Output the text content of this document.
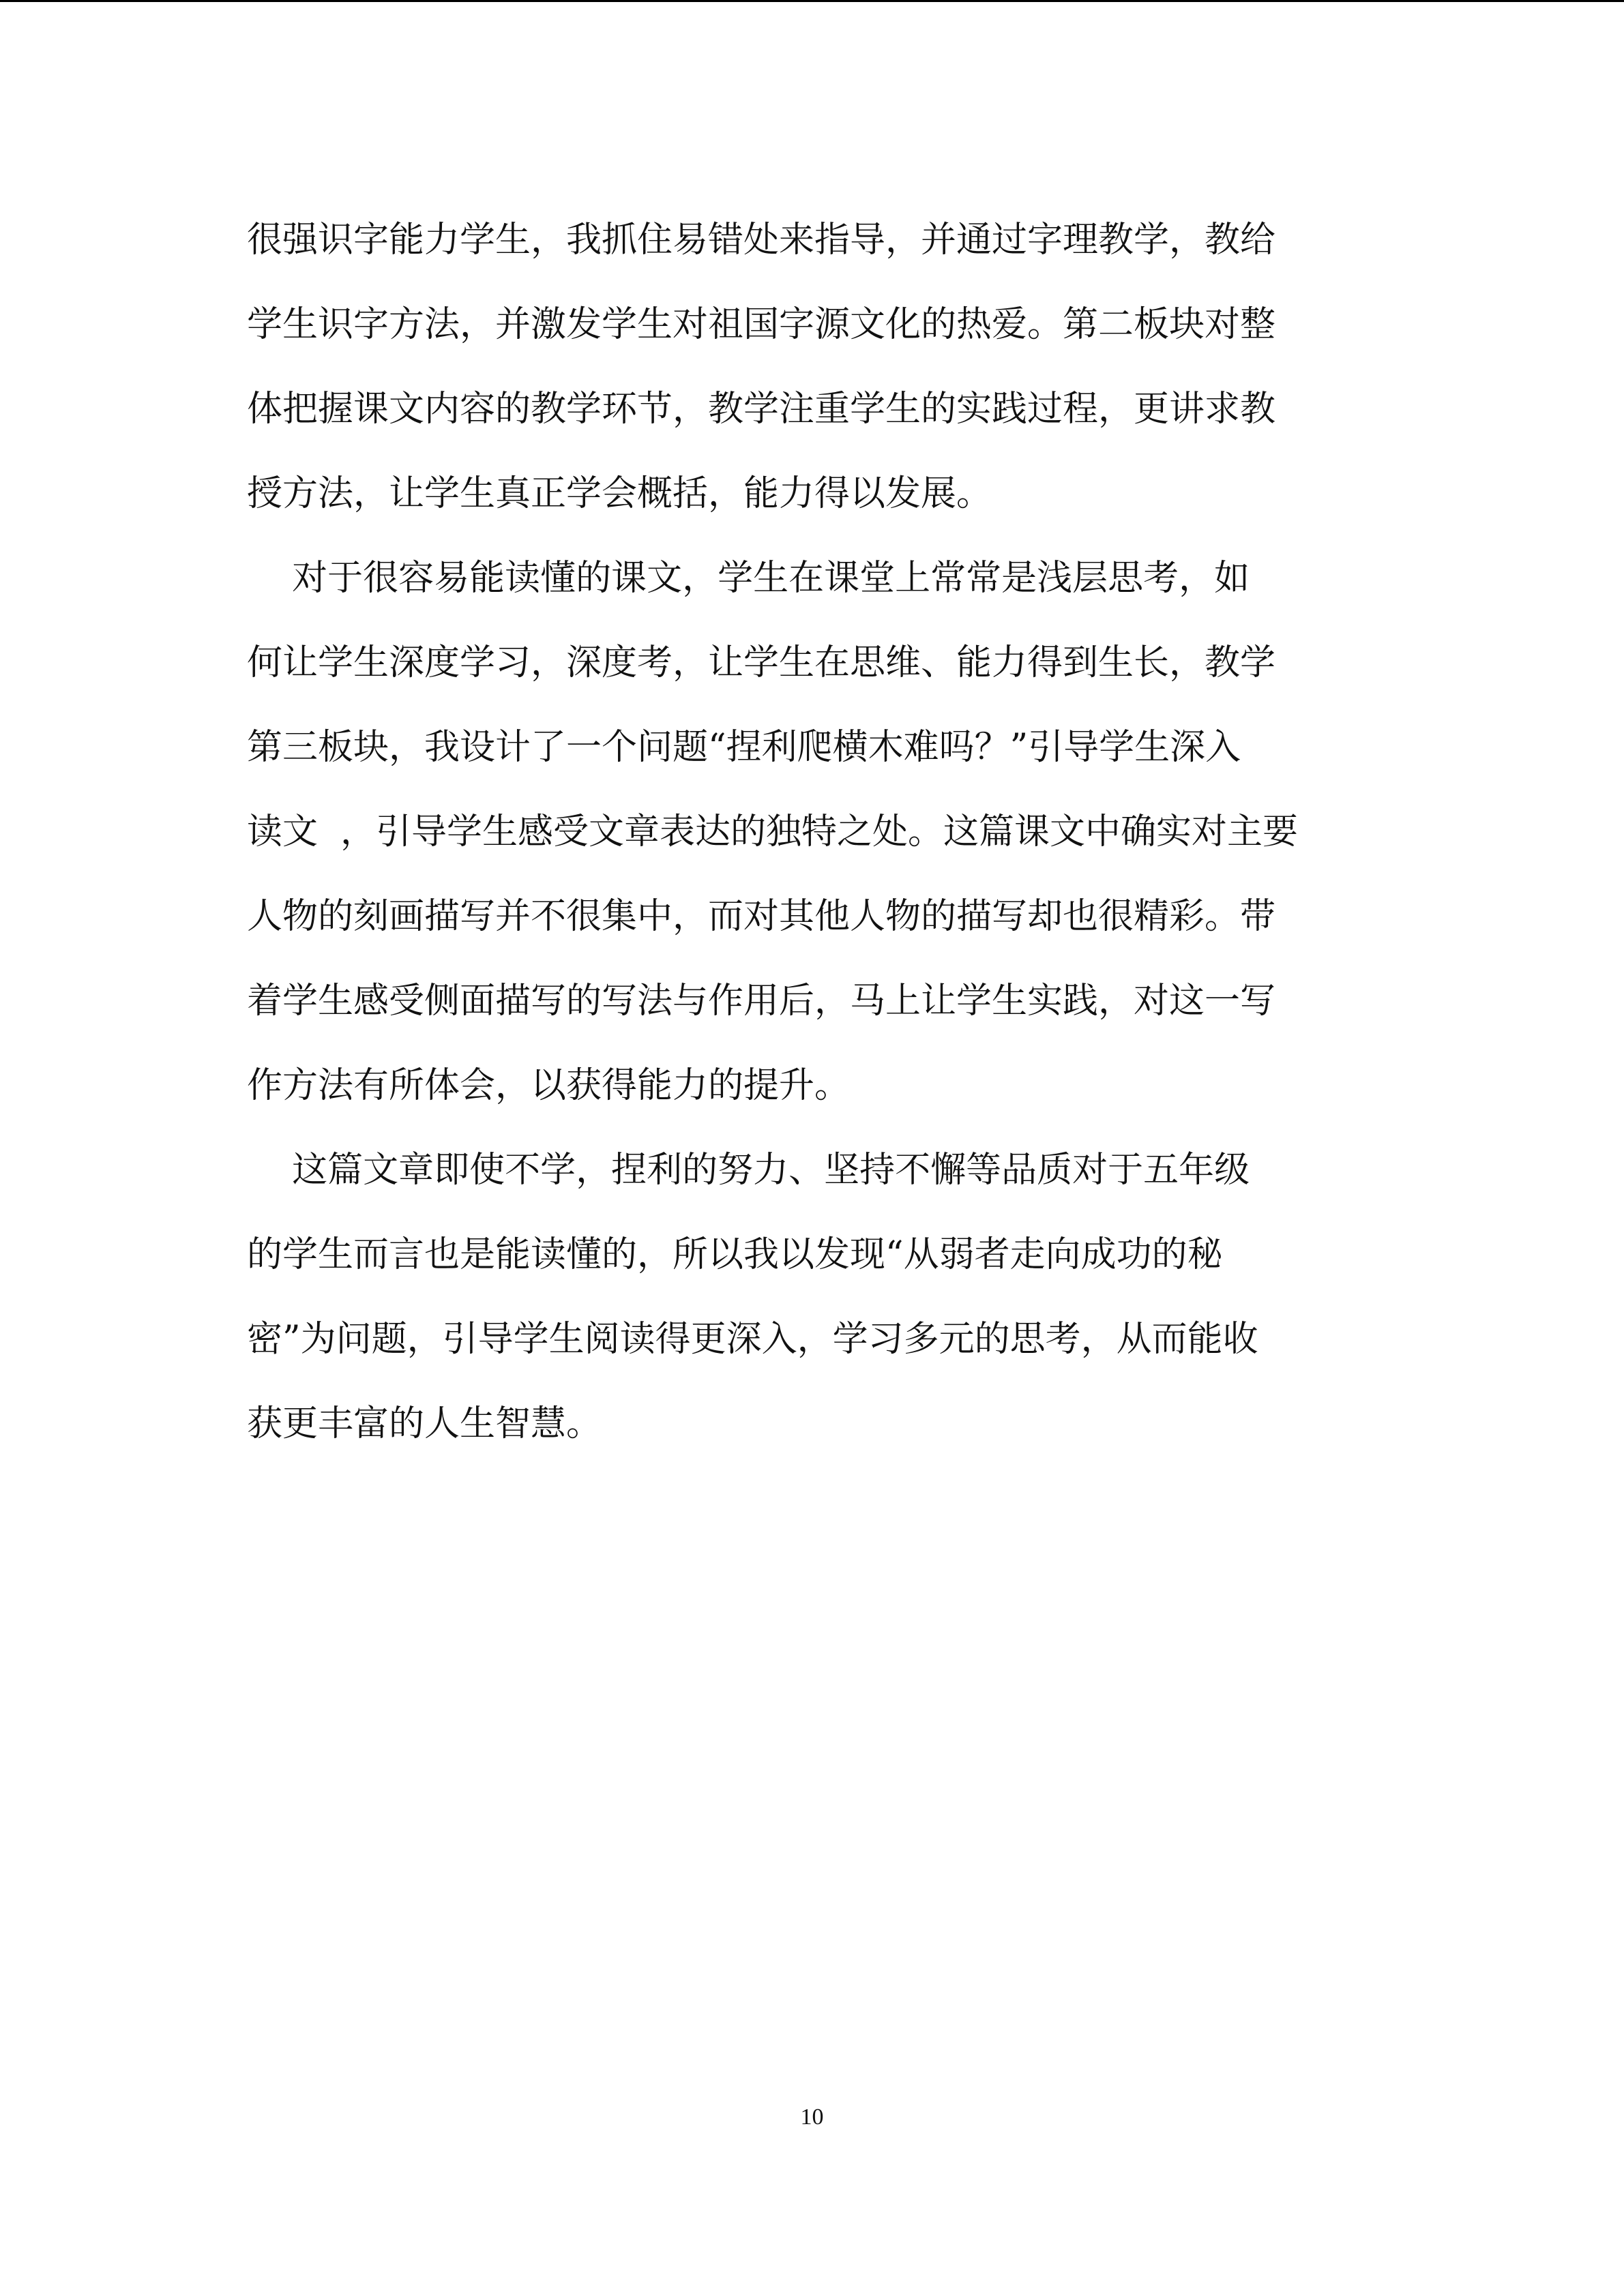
很强识字能力学生，我抓住易错处来指导，并通过字理教学，教给
学生识字方法，并激发学生对祖国字源文化的热爱。第二板块对整
体把握课文内容的教学环节，教学注重学生的实践过程，更讲求教
授方法，让学生真正学会概括，能力得以发展。
对于很容易能读懂的课文，学生在课堂上常常是浅层思考，如
何让学生深度学习，深度考，让学生在思维、能力得到生长，教学
第三板块，我设计了一个问题“捏利爬横木难吗？”引导学生深入
读文  ，引导学生感受文章表达的独特之处。这篇课文中确实对主要
人物的刻画描写并不很集中，而对其他人物的描写却也很精彩。带
着学生感受侧面描写的写法与作用后，马上让学生实践，对这一写
作方法有所体会，以获得能力的提升。
这篇文章即使不学，捏利的努力、坚持不懈等品质对于五年级
的学生而言也是能读懂的，所以我以发现“从弱者走向成功的秘
密”为问题，引导学生阅读得更深入，学习多元的思考，从而能收
获更丰富的人生智慧。
10
